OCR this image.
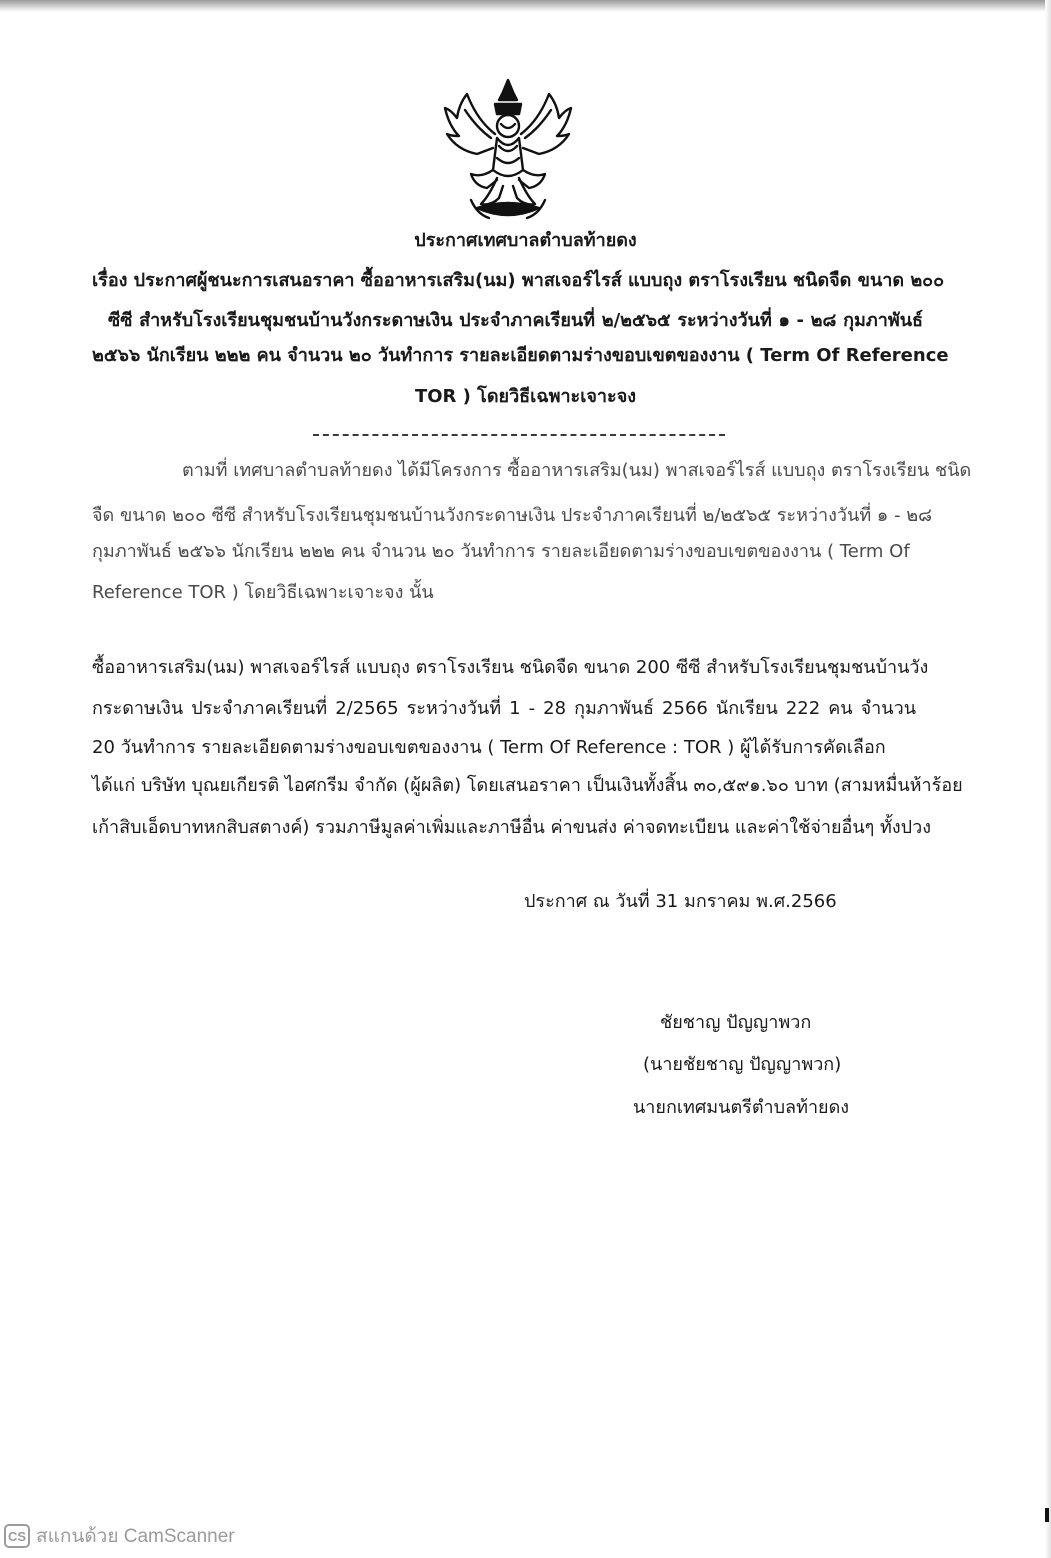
ประกาศเทศบาลตำบลท้ายดง
เรื่อง ประกาศผู้ชนะการเสนอราคา ซื้ออาหารเสริม(นม) พาสเจอร์ไรส์ แบบถุง ตราโรงเรียน ชนิดจืด ขนาด ๒๐๐
ซีซี สำหรับโรงเรียนชุมชนบ้านวังกระดาษเงิน ประจำภาคเรียนที่ ๒/๒๕๖๕ ระหว่างวันที่ ๑ - ๒๘ กุมภาพันธ์
๒๕๖๖ นักเรียน ๒๒๒ คน จำนวน ๒๐ วันทำการ รายละเอียดตามร่างขอบเขตของงาน ( Term Of Reference
TOR ) โดยวิธีเฉพาะเจาะจง
ตามที่ เทศบาลตำบลท้ายดง ได้มีโครงการ ซื้ออาหารเสริม(นม) พาสเจอร์ไรส์ แบบถุง ตราโรงเรียน ชนิด
จืด ขนาด ๒๐๐ ซีซี สำหรับโรงเรียนชุมชนบ้านวังกระดาษเงิน ประจำภาคเรียนที่ ๒/๒๕๖๕ ระหว่างวันที่ ๑ - ๒๘
กุมภาพันธ์ ๒๕๖๖ นักเรียน ๒๒๒ คน จำนวน ๒๐ วันทำการ รายละเอียดตามร่างขอบเขตของงาน ( Term Of
Reference TOR ) โดยวิธีเฉพาะเจาะจง นั้น
ซื้ออาหารเสริม(นม) พาสเจอร์ไรส์ แบบถุง ตราโรงเรียน ชนิดจืด ขนาด 200 ซีซี สำหรับโรงเรียนชุมชนบ้านวัง
กระดาษเงิน ประจำภาคเรียนที่ 2/2565 ระหว่างวันที่ 1 - 28 กุมภาพันธ์ 2566 นักเรียน 222 คน จำนวน
20 วันทำการ รายละเอียดตามร่างขอบเขตของงาน ( Term Of Reference : TOR ) ผู้ได้รับการคัดเลือก
ได้แก่ บริษัท บุณยเกียรติ ไอศกรีม จำกัด (ผู้ผลิต) โดยเสนอราคา เป็นเงินทั้งสิ้น ๓๐,๕๙๑.๖๐ บาท (สามหมื่นห้าร้อย
เก้าสิบเอ็ดบาทหกสิบสตางค์) รวมภาษีมูลค่าเพิ่มและภาษีอื่น ค่าขนส่ง ค่าจดทะเบียน และค่าใช้จ่ายอื่นๆ ทั้งปวง
ประกาศ ณ วันที่ 31 มกราคม พ.ศ.2566
ชัยชาญ ปัญญาพวก
(นายชัยชาญ ปัญญาพวก)
นายกเทศมนตรีตำบลท้ายดง
CS สแกนด้วย CamScanner
